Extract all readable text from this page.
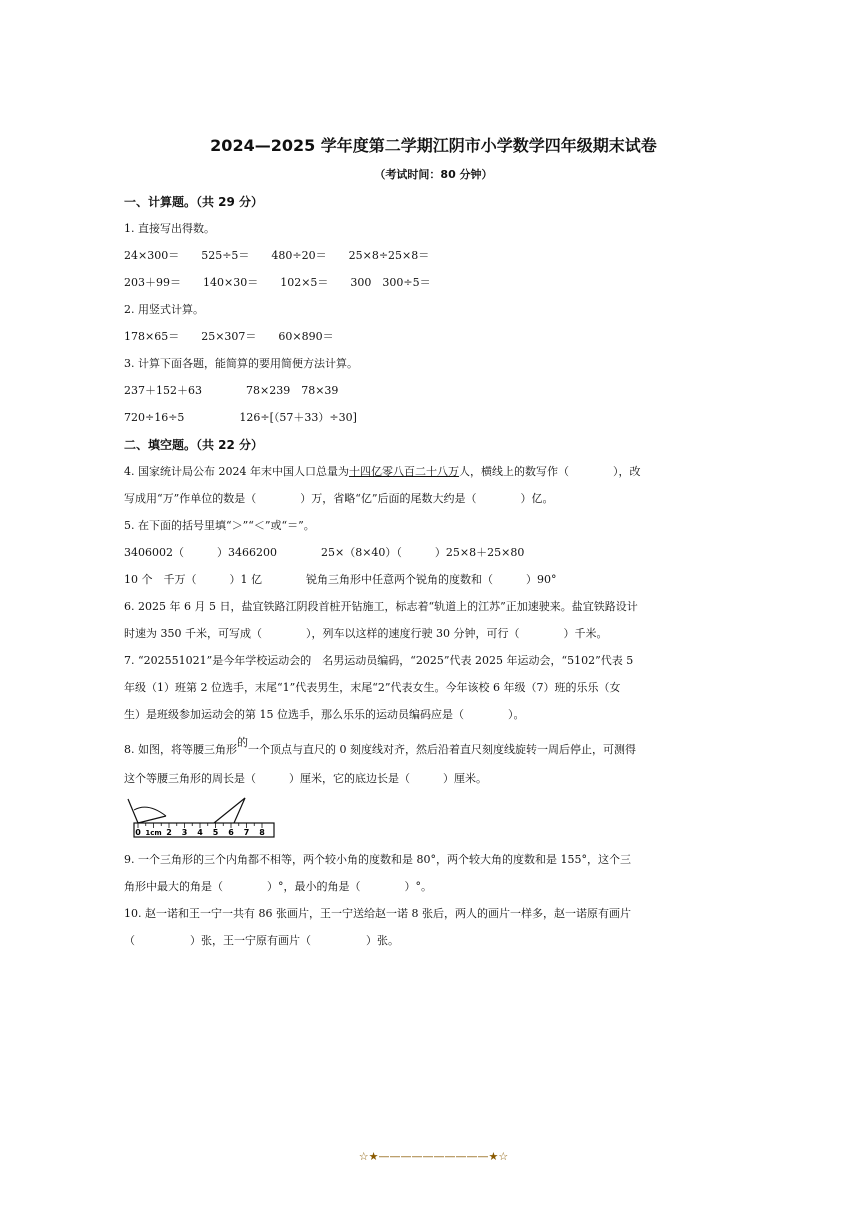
2024—2025 学年度第二学期江阴市小学数学四年级期末试卷
（考试时间：80 分钟）
一、计算题。（共 29 分）
1. 直接写出得数。
24×300＝　　525÷5＝　　480÷20＝　　25×8÷25×8＝
203＋99＝　　140×30＝　　102×5＝　　300　300÷5＝
2. 用竖式计算。
178×65＝　　25×307＝　　60×890＝
3. 计算下面各题，能简算的要用简便方法计算。
237＋152＋63　　　　78×239　78×39
720÷16÷5　　　　　126÷[（57＋33）÷30]
二、填空题。（共 22 分）
4. 国家统计局公布 2024 年末中国人口总量为十四亿零八百二十八万人，横线上的数写作（　　　　），改
写成用“万”作单位的数是（　　　　）万，省略“亿”后面的尾数大约是（　　　　）亿。
5. 在下面的括号里填“＞”“＜”或“＝”。
3406002（　　　）3466200　　　　25×（8×40）（　　　）25×8＋25×80
10 个　千万（　　　）1 亿　　　　锐角三角形中任意两个锐角的度数和（　　　）90°
6. 2025 年 6 月 5 日，盐宜铁路江阴段首桩开钻施工，标志着“轨道上的江苏”正加速驶来。盐宜铁路设计
时速为 350 千米，可写成（　　　　），列车以这样的速度行驶 30 分钟，可行（　　　　）千米。
7. “202551021”是今年学校运动会的　名男运动员编码，“2025”代表 2025 年运动会，“5102”代表 5
年级（1）班第 2 位选手，末尾“1”代表男生，末尾“2”代表女生。今年该校 6 年级（7）班的乐乐（女
生）是班级参加运动会的第 15 位选手，那么乐乐的运动员编码应是（　　　　）。
8. 如图，将等腰三角形的一个顶点与直尺的 0 刻度线对齐，然后沿着直尺刻度线旋转一周后停止，可测得
这个等腰三角形的周长是（　　　）厘米，它的底边长是（　　　）厘米。
0 1cm 2 3 4 5 6 7 8
9. 一个三角形的三个内角都不相等，两个较小角的度数和是 80°，两个较大角的度数和是 155°，这个三
角形中最大的角是（　　　　）°，最小的角是（　　　　）°。
10. 赵一诺和王一宁一共有 86 张画片，王一宁送给赵一诺 8 张后，两人的画片一样多，赵一诺原有画片
（　　　　　）张，王一宁原有画片（　　　　　）张。
☆★——————————★☆
